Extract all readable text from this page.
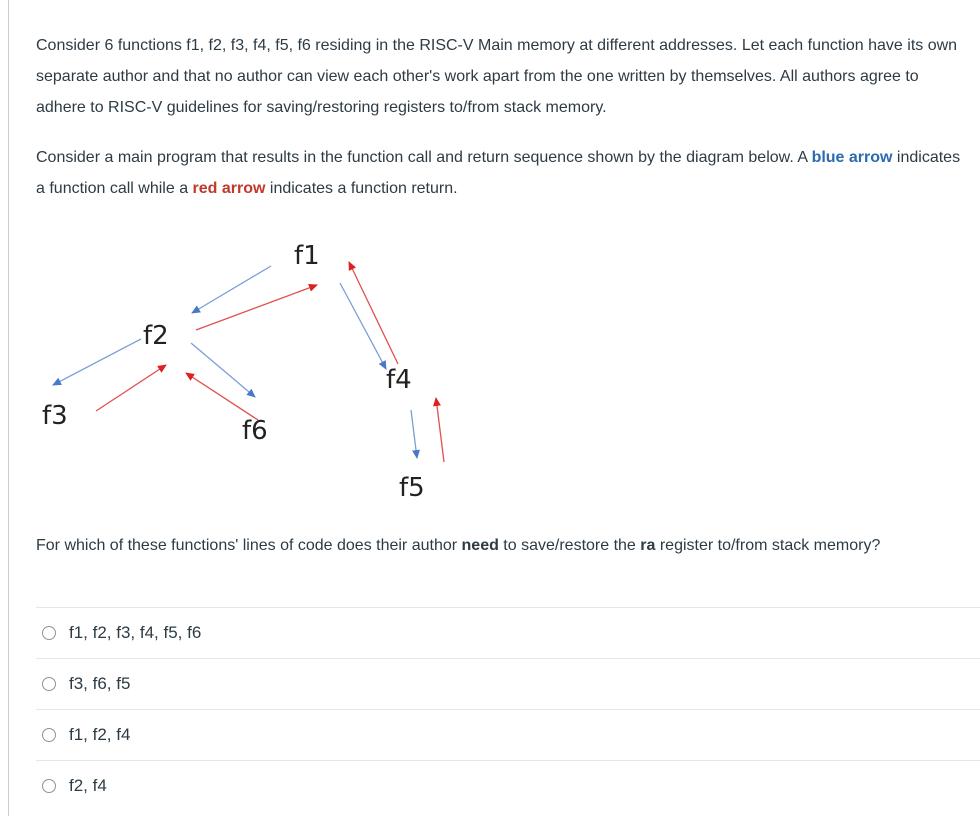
Consider 6 functions f1, f2, f3, f4, f5, f6 residing in the RISC-V Main memory at different addresses. Let each function have its own separate author and that no author can view each other's work apart from the one written by themselves. All authors agree to adhere to RISC-V guidelines for saving/restoring registers to/from stack memory.

Consider a main program that results in the function call and return sequence shown by the diagram below. A blue arrow indicates a function call while a red arrow indicates a function return.

f1
f2
f3
f4
f5
f6

For which of these functions' lines of code does their author need to save/restore the ra register to/from stack memory?

f1, f2, f3, f4, f5, f6
f3, f6, f5
f1, f2, f4
f2, f4
